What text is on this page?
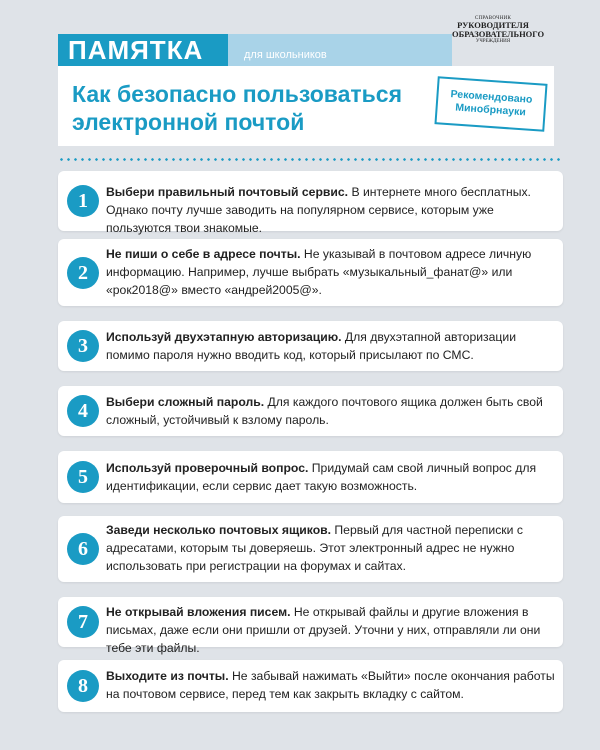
ПАМЯТКА	для школьников
СПРАВОЧНИК
РУКОВОДИТЕЛЯ
ОБРАЗОВАТЕЛЬНОГО
УЧРЕЖДЕНИЯ
Как безопасно пользоваться
электронной почтой
Рекомендовано
Минобрнауки
1	Выбери правильный почтовый сервис. В интернете много бесплатных. Однако почту лучше заводить на популярном сервисе, которым уже пользуются твои знакомые.
2
Не пиши о себе в адресе почты. Не указывай в почтовом адресе личную информацию. Например, лучше выбрать «музыкальный_фанат@» или «рок2018@» вместо «андрей2005@».
3	Используй двухэтапную авторизацию. Для двухэтапной авторизации помимо пароля нужно вводить код, который присылают по СМС.
4	Выбери сложный пароль. Для каждого почтового ящика должен быть свой сложный, устойчивый к взлому пароль.
5	Используй проверочный вопрос. Придумай сам свой личный вопрос для идентификации, если сервис дает такую возможность.
6
Заведи несколько почтовых ящиков. Первый для частной переписки с адресатами, которым ты доверяешь. Этот электронный адрес не нужно использовать при регистрации на форумах и сайтах.
7	Не открывай вложения писем. Не открывай файлы и другие вложения в письмах, даже если они пришли от друзей. Уточни у них, отправляли ли они тебе эти файлы.
8	Выходите из почты. Не забывай нажимать «Выйти» после окончания работы на почтовом сервисе, перед тем как закрыть вкладку с сайтом.
